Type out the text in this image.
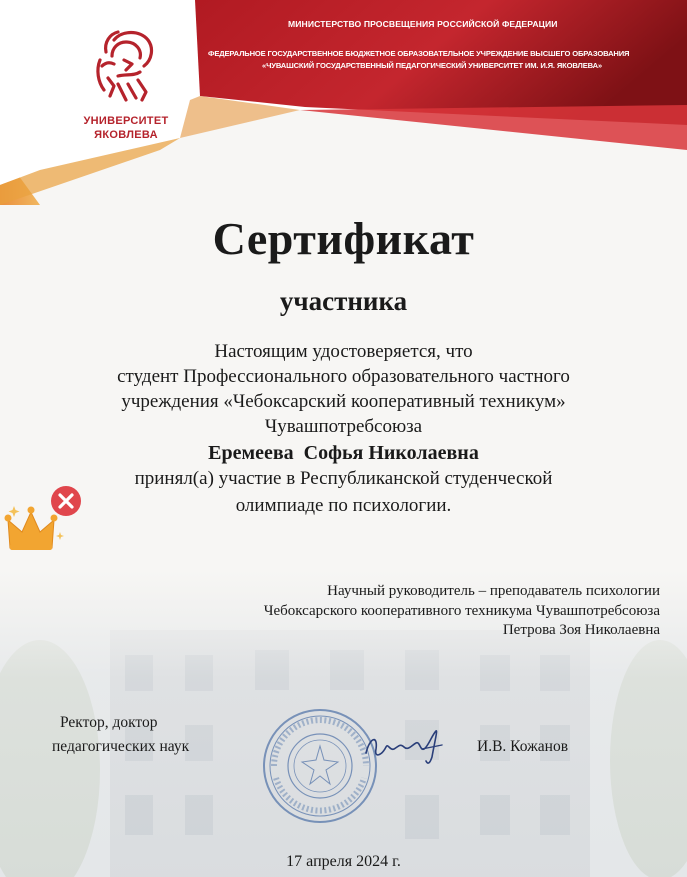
МИНИСТЕРСТВО ПРОСВЕЩЕНИЯ РОССИЙСКОЙ ФЕДЕРАЦИИ
ФЕДЕРАЛЬНОЕ ГОСУДАРСТВЕННОЕ БЮДЖЕТНОЕ ОБРАЗОВАТЕЛЬНОЕ УЧРЕЖДЕНИЕ ВЫСШЕГО ОБРАЗОВАНИЯ
«ЧУВАШСКИЙ ГОСУДАРСТВЕННЫЙ ПЕДАГОГИЧЕСКИЙ УНИВЕРСИТЕТ ИМ. И.Я. ЯКОВЛЕВА»
УНИВЕРСИТЕТ
ЯКОВЛЕВА
Сертификат
участника
Настоящим удостоверяется, что
студент Профессионального образовательного частного
учреждения «Чебоксарский кооперативный техникум»
Чувашпотребсоюза
Еремеева  Софья Николаевна
принял(а) участие в Республиканской студенческой
олимпиаде по психологии.
Научный руководитель – преподаватель психологии
Чебоксарского кооперативного техникума Чувашпотребсоюза
Петрова Зоя Николаевна
Ректор, доктор
педагогических наук	И.В. Кожанов
17 апреля 2024 г.
